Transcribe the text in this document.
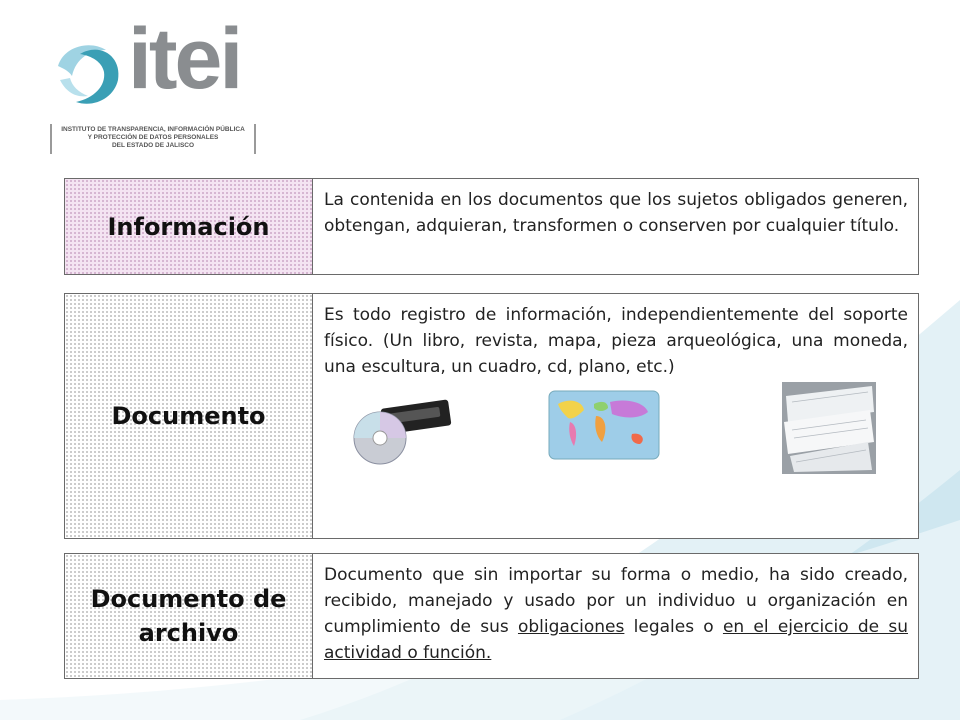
itei
INSTITUTO DE TRANSPARENCIA, INFORMACIÓN PÚBLICA
Y PROTECCIÓN DE DATOS PERSONALES
DEL ESTADO DE JALISCO
Información
La contenida en los documentos que los sujetos obligados generen, obtengan, adquieran, transformen o conserven por cualquier título.
Documento
Es todo registro de información, independientemente del soporte físico. (Un libro, revista, mapa, pieza arqueológica, una moneda, una escultura, un cuadro, cd, plano, etc.)
Documento de archivo
Documento que sin importar su forma o medio, ha sido creado, recibido, manejado y usado por un individuo u organización en cumplimiento de sus obligaciones legales o en el ejercicio de su actividad o función.
